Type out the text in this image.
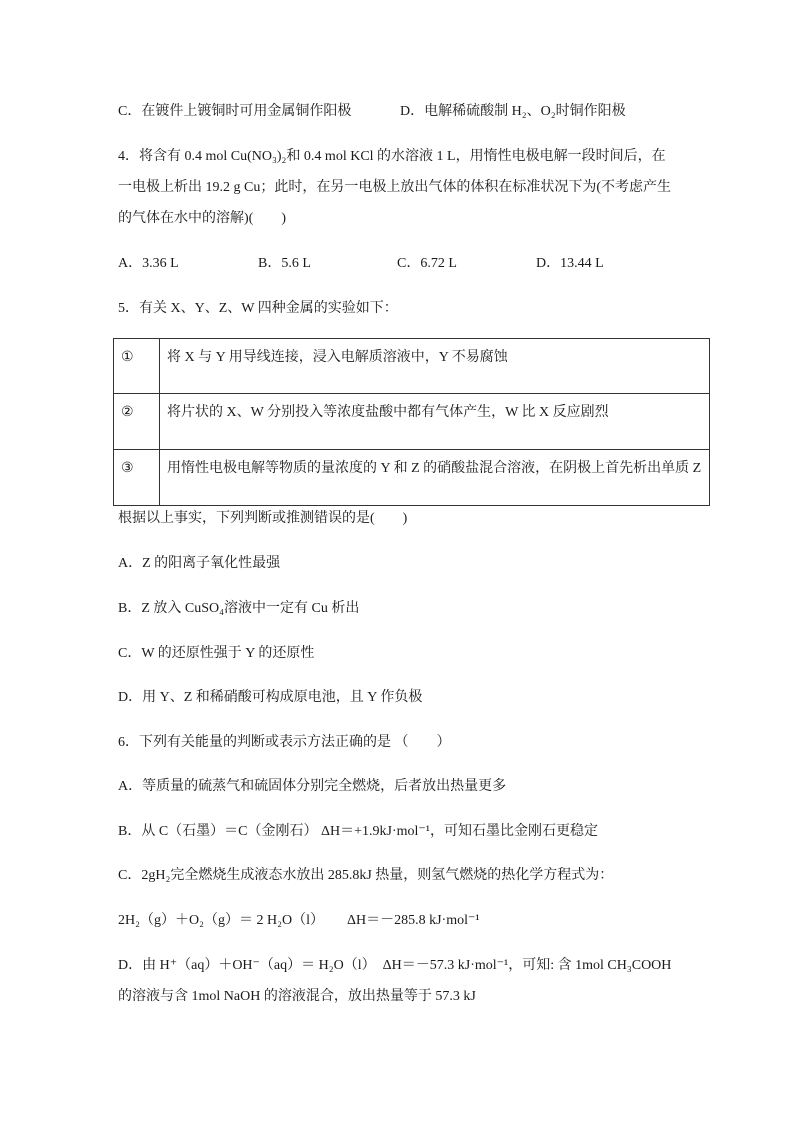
C．在镀件上镀铜时可用金属铜作阳极	D．电解稀硫酸制 H₂、O₂时铜作阳极
4．将含有 0.4 mol Cu(NO₃)₂和 0.4 mol KCl 的水溶液 1 L，用惰性电极电解一段时间后，在
一电极上析出 19.2 g Cu；此时，在另一电极上放出气体的体积在标准状况下为(不考虑产生
的气体在水中的溶解)(　　)
A．3.36 L	B．5.6 L	C．6.72 L	D．13.44 L
5．有关 X、Y、Z、W 四种金属的实验如下：
①	将 X 与 Y 用导线连接，浸入电解质溶液中，Y 不易腐蚀
②	将片状的 X、W 分别投入等浓度盐酸中都有气体产生，W 比 X 反应剧烈
③	用惰性电极电解等物质的量浓度的 Y 和 Z 的硝酸盐混合溶液，在阴极上首先析出单质 Z
根据以上事实，下列判断或推测错误的是(　　)
A．Z 的阳离子氧化性最强
B．Z 放入 CuSO₄溶液中一定有 Cu 析出
C．W 的还原性强于 Y 的还原性
D．用 Y、Z 和稀硝酸可构成原电池，且 Y 作负极
6．下列有关能量的判断或表示方法正确的是 （　　）
A．等质量的硫蒸气和硫固体分别完全燃烧，后者放出热量更多
B．从 C（石墨）＝C（金刚石） ΔH＝+1.9kJ·mol⁻¹，可知石墨比金刚石更稳定
C．2gH₂完全燃烧生成液态水放出 285.8kJ 热量，则氢气燃烧的热化学方程式为：
2H₂（g）＋O₂（g）＝ 2 H₂O（l） ΔH＝－285.8 kJ·mol⁻¹
D．由 H⁺（aq）＋OH⁻（aq）＝ H₂O（l）　ΔH＝－57.3 kJ·mol⁻¹，可知: 含 1mol CH₃COOH
的溶液与含 1mol NaOH 的溶液混合，放出热量等于 57.3 kJ
